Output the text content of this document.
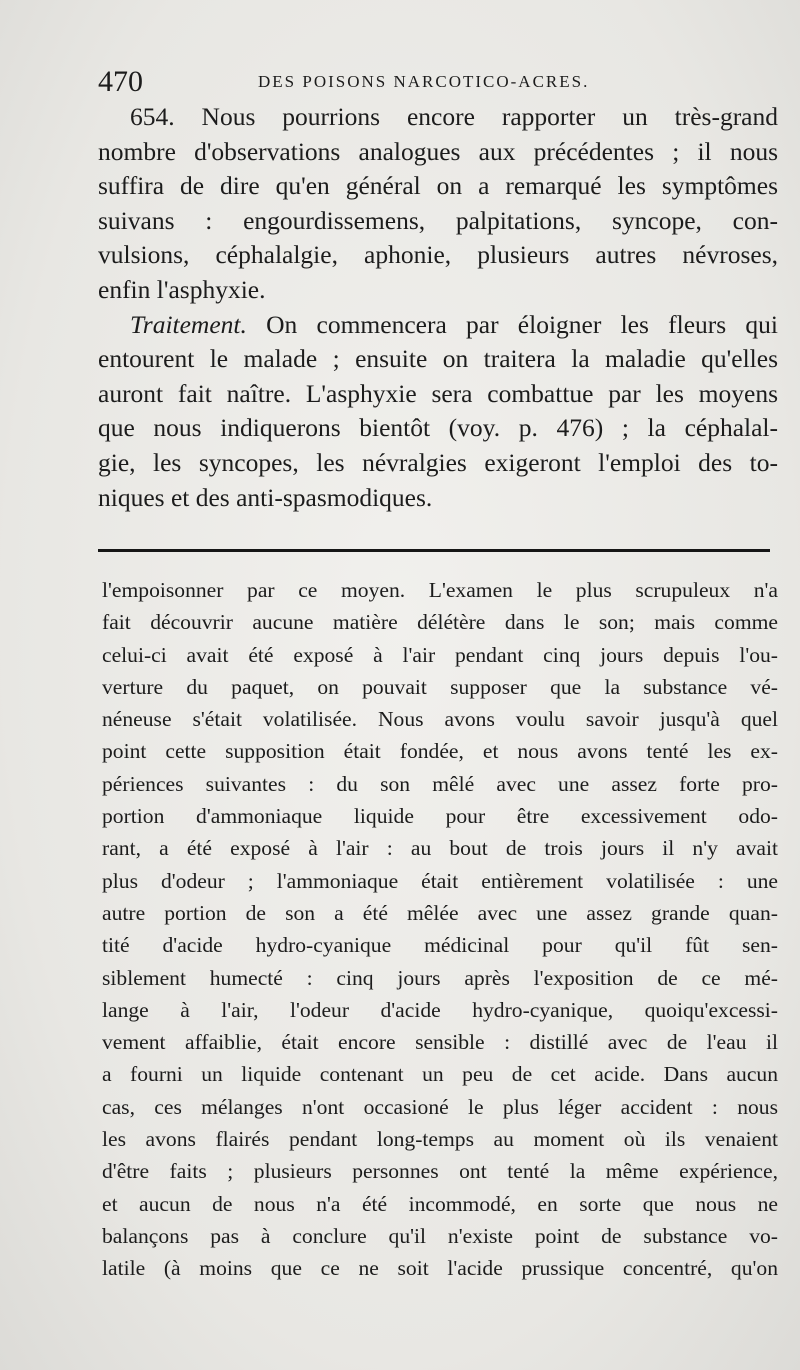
470	DES POISONS NARCOTICO-ACRES.

654. Nous pourrions encore rapporter un très-grand
nombre d'observations analogues aux précédentes ; il nous
suffira de dire qu'en général on a remarqué les symptômes
suivans : engourdissemens, palpitations, syncope, con-
vulsions, céphalalgie, aphonie, plusieurs autres névroses,
enfin l'asphyxie.

Traitement. On commencera par éloigner les fleurs qui
entourent le malade ; ensuite on traitera la maladie qu'elles
auront fait naître. L'asphyxie sera combattue par les moyens
que nous indiquerons bientôt (voy. p. 476) ; la céphalal-
gie, les syncopes, les névralgies exigeront l'emploi des to-
niques et des anti-spasmodiques.

l'empoisonner par ce moyen. L'examen le plus scrupuleux n'a
fait découvrir aucune matière délétère dans le son; mais comme
celui-ci avait été exposé à l'air pendant cinq jours depuis l'ou-
verture du paquet, on pouvait supposer que la substance vé-
néneuse s'était volatilisée. Nous avons voulu savoir jusqu'à quel
point cette supposition était fondée, et nous avons tenté les ex-
périences suivantes : du son mêlé avec une assez forte pro-
portion d'ammoniaque liquide pour être excessivement odo-
rant, a été exposé à l'air : au bout de trois jours il n'y avait
plus d'odeur ; l'ammoniaque était entièrement volatilisée : une
autre portion de son a été mêlée avec une assez grande quan-
tité d'acide hydro-cyanique médicinal pour qu'il fût sen-
siblement humecté : cinq jours après l'exposition de ce mé-
lange à l'air, l'odeur d'acide hydro-cyanique, quoiqu'excessi-
vement affaiblie, était encore sensible : distillé avec de l'eau il
a fourni un liquide contenant un peu de cet acide. Dans aucun
cas, ces mélanges n'ont occasioné le plus léger accident : nous
les avons flairés pendant long-temps au moment où ils venaient
d'être faits ; plusieurs personnes ont tenté la même expérience,
et aucun de nous n'a été incommodé, en sorte que nous ne
balançons pas à conclure qu'il n'existe point de substance vo-
latile (à moins que ce ne soit l'acide prussique concentré, qu'on
